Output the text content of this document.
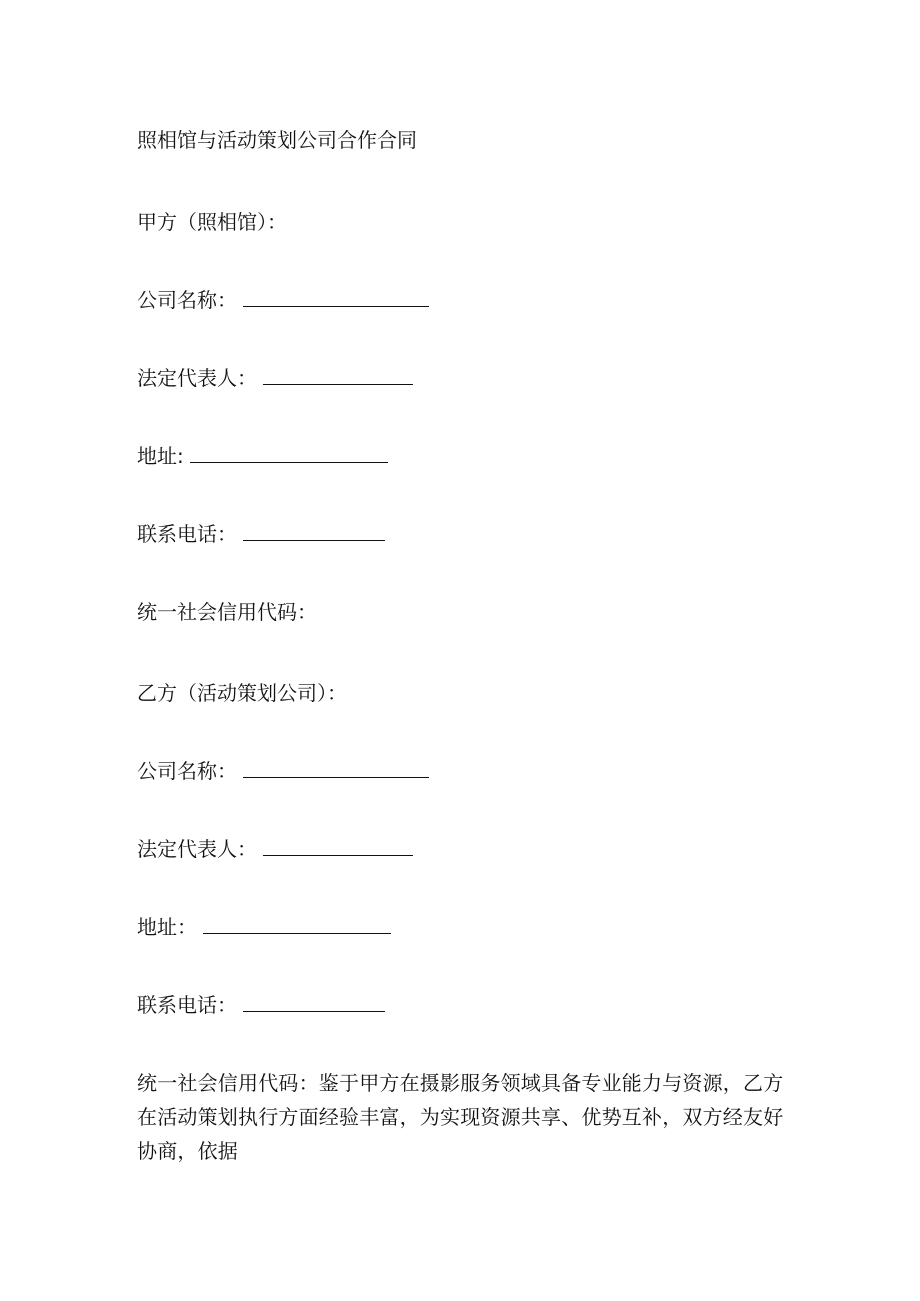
照相馆与活动策划公司合作合同
甲方（照相馆）：
公司名称：
法定代表人：
地址:
联系电话：
统一社会信用代码：
乙方（活动策划公司）：
公司名称：
法定代表人：
地址：
联系电话：
统一社会信用代码：鉴于甲方在摄影服务领域具备专业能力与资源，乙方在活动策划执行方面经验丰富，为实现资源共享、优势互补，双方经友好协商，依据
